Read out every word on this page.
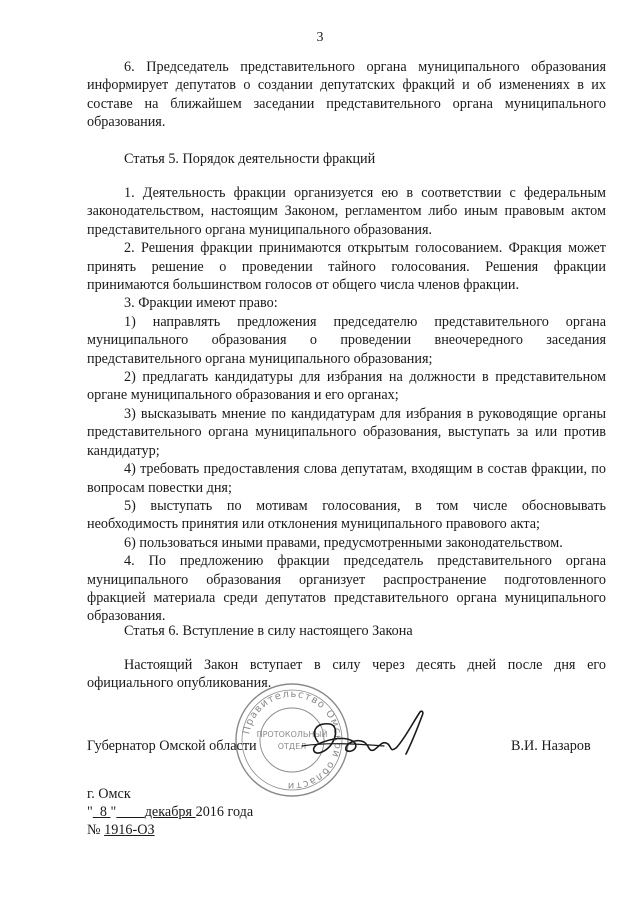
3

6. Председатель представительного органа муниципального образования информирует депутатов о создании депутатских фракций и об изменениях в их составе на ближайшем заседании представительного органа муниципального образования.

Статья 5. Порядок деятельности фракций

1. Деятельность фракции организуется ею в соответствии с федеральным законодательством, настоящим Законом, регламентом либо иным правовым актом представительного органа муниципального образования.

2. Решения фракции принимаются открытым голосованием. Фракция может принять решение о проведении тайного голосования. Решения фракции принимаются большинством голосов от общего числа членов фракции.

3. Фракции имеют право:

1) направлять предложения председателю представительного органа муниципального образования о проведении внеочередного заседания представительного органа муниципального образования;

2) предлагать кандидатуры для избрания на должности в представительном органе муниципального образования и его органах;

3) высказывать мнение по кандидатурам для избрания в руководящие органы представительного органа муниципального образования, выступать за или против кандидатур;

4) требовать предоставления слова депутатам, входящим в состав фракции, по вопросам повестки дня;

5) выступать по мотивам голосования, в том числе обосновывать необходимость принятия или отклонения муниципального правового акта;

6) пользоваться иными правами, предусмотренными законодательством.

4. По предложению фракции председатель представительного органа муниципального образования организует распространение подготовленного фракцией материала среди депутатов представительного органа муниципального образования.

Статья 6. Вступление в силу настоящего Закона

Настоящий Закон вступает в силу через десять дней после дня его официального опубликования.

Правительство Омской области
ПРОТОКОЛЬНЫЙ
ОТДЕЛ
Губернатор Омской области	В.И. Назаров
г. Омск
" 8 " декабря 2016 года
№ 1916-ОЗ
